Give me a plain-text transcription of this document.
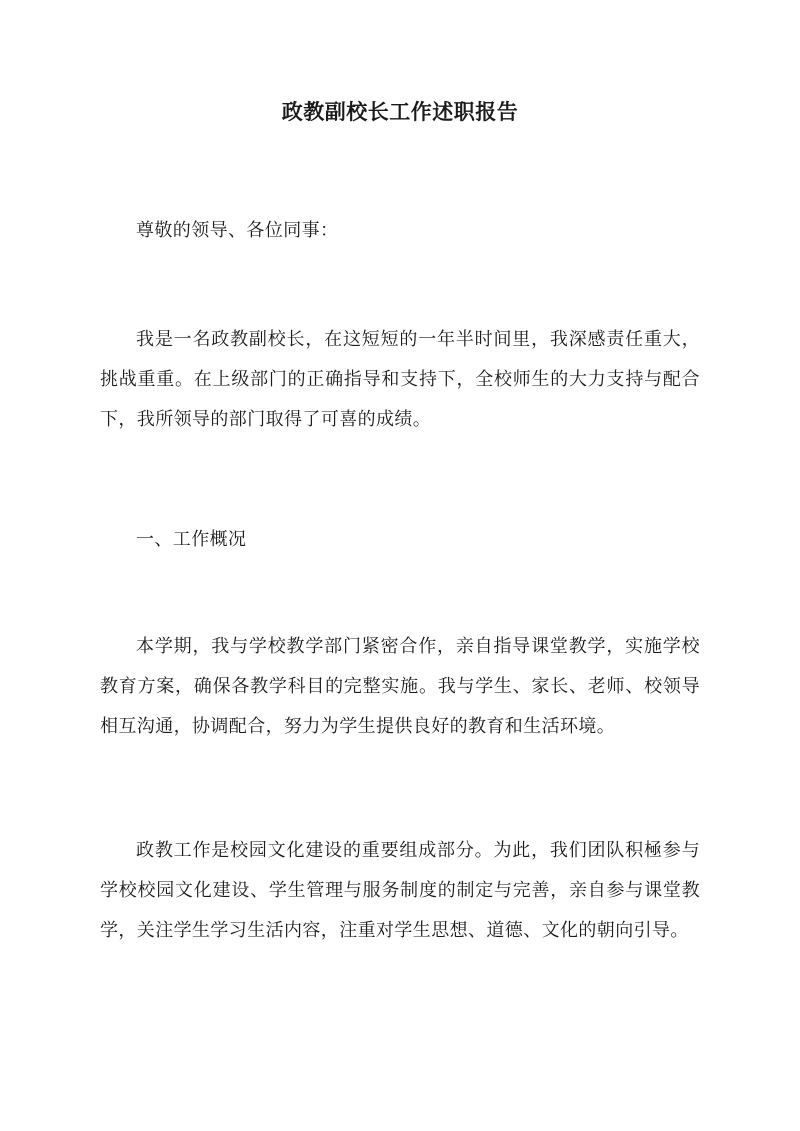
政教副校长工作述职报告

尊敬的领导、各位同事：

我是一名政教副校长，在这短短的一年半时间里，我深感责任重大，挑战重重。在上级部门的正确指导和支持下，全校师生的大力支持与配合下，我所领导的部门取得了可喜的成绩。

一、工作概况

本学期，我与学校教学部门紧密合作，亲自指导课堂教学，实施学校教育方案，确保各教学科目的完整实施。我与学生、家长、老师、校领导相互沟通，协调配合，努力为学生提供良好的教育和生活环境。

政教工作是校园文化建设的重要组成部分。为此，我们团队积極参与学校校园文化建设、学生管理与服务制度的制定与完善，亲自参与课堂教学，关注学生学习生活内容，注重对学生思想、道德、文化的朝向引导。
